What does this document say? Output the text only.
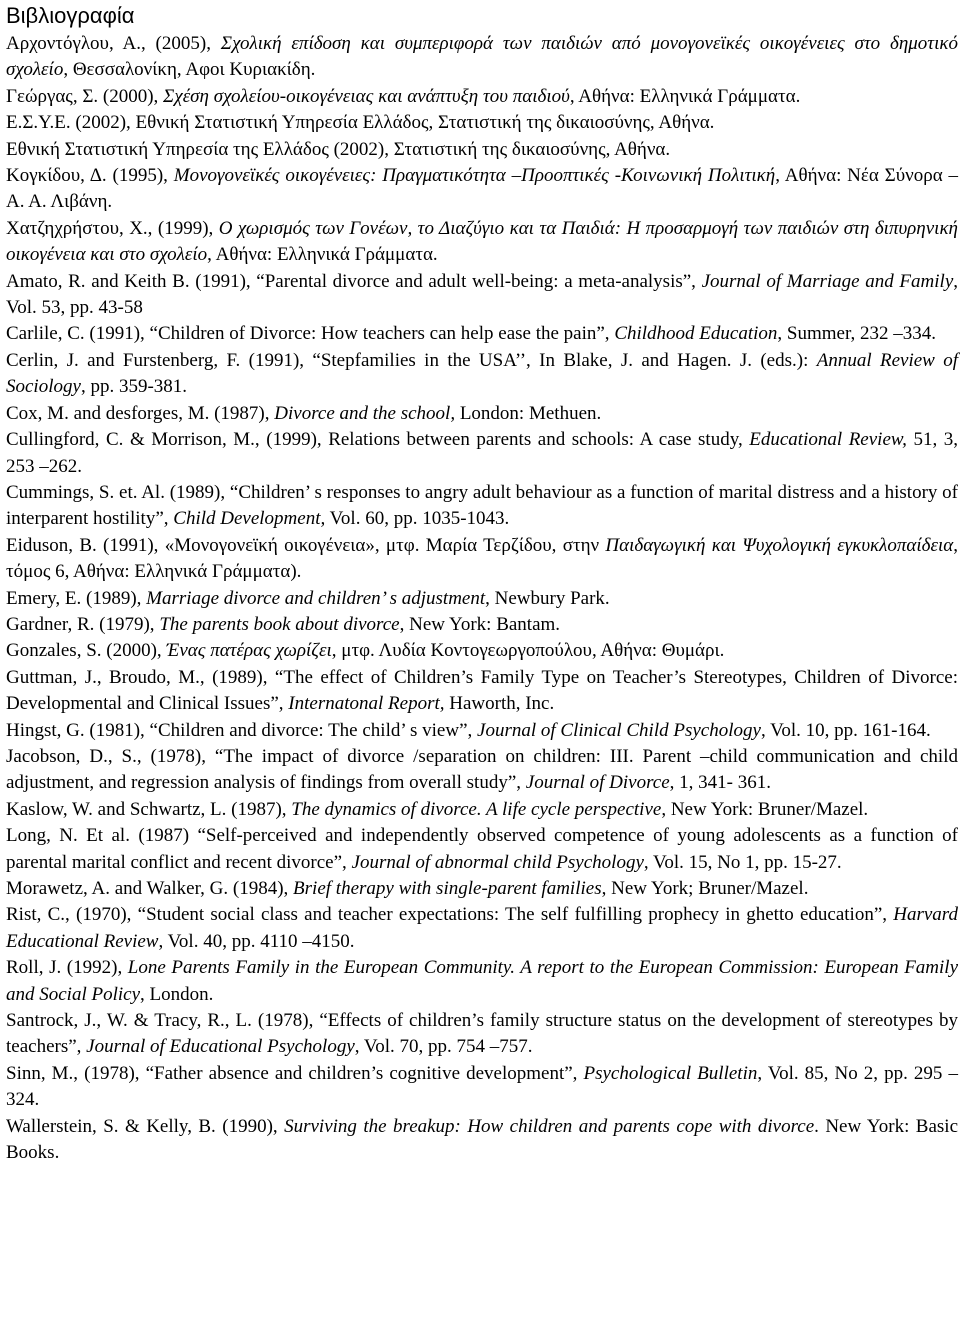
Βιβλιογραφία
Αρχοντόγλου, Α., (2005), Σχολική επίδοση και συμπεριφορά των παιδιών από μονογονεϊκές οικογένειες στο δημοτικό σχολείο, Θεσσαλονίκη, Αφοι Κυριακίδη.
Γεώργας, Σ. (2000), Σχέση σχολείου-οικογένειας και ανάπτυξη του παιδιού, Αθήνα: Ελληνικά Γράμματα.
Ε.Σ.Υ.Ε. (2002), Εθνική Στατιστική Υπηρεσία Ελλάδος, Στατιστική της δικαιοσύνης, Αθήνα.
Εθνική Στατιστική Υπηρεσία της Ελλάδος (2002), Στατιστική της δικαιοσύνης, Αθήνα.
Κογκίδου, Δ. (1995), Μονογονεϊκές οικογένειες: Πραγματικότητα –Προοπτικές -Κοινωνική Πολιτική, Αθήνα: Νέα Σύνορα –Α. Α. Λιβάνη.
Χατζηχρήστου, Χ., (1999), Ο χωρισμός των Γονέων, το Διαζύγιο και τα Παιδιά: Η προσαρμογή των παιδιών στη διπυρηνική οικογένεια και στο σχολείο, Αθήνα: Ελληνικά Γράμματα.
Amato, R. and Keith B. (1991), “Parental divorce and adult well-being: a meta-analysis”, Journal of Marriage and Family, Vol. 53, pp. 43-58
Carlile, C. (1991), “Children of Divorce: How teachers can help ease the pain”, Childhood Education, Summer, 232 –334.
Cerlin, J. and Furstenberg, F. (1991), “Stepfamilies in the USA’’, In Blake, J. and Hagen. J. (eds.): Annual Review of Sociology, pp. 359-381.
Cox, M. and desforges, M. (1987), Divorce and the school, London: Methuen.
Cullingford, C. & Morrison, M., (1999), Relations between parents and schools: A case study, Educational Review, 51, 3, 253 –262.
Cummings, S. et. Al. (1989), “Children’ s responses to angry adult behaviour as a function of marital distress and a history of interparent hostility”, Child Development, Vol. 60, pp. 1035-1043.
Eiduson, B. (1991), «Μονογονεϊκή οικογένεια», μτφ. Μαρία Τερζίδου, στην Παιδαγωγική και Ψυχολογική εγκυκλοπαίδεια, τόμος 6, Αθήνα: Ελληνικά Γράμματα).
Emery, E. (1989), Marriage divorce and children’ s adjustment, Newbury Park.
Gardner, R. (1979), The parents book about divorce, New York: Bantam.
Gonzales, S. (2000), Ένας πατέρας χωρίζει, μτφ. Λυδία Κοντογεωργοπούλου, Αθήνα: Θυμάρι.
Guttman, J., Broudo, M., (1989), “The effect of Children’s Family Type on Teacher’s Stereotypes, Children of Divorce: Developmental and Clinical Issues”, Internatonal Report, Haworth, Inc.
Hingst, G. (1981), “Children and divorce: The child’ s view”, Journal of Clinical Child Psychology, Vol. 10, pp. 161-164.
Jacobson, D., S., (1978), “The impact of divorce /separation on children: III. Parent –child communication and child adjustment, and regression analysis of findings from overall study”, Journal of Divorce, 1, 341- 361.
Kaslow, W. and Schwartz, L. (1987), The dynamics of divorce. A life cycle perspective, New York: Bruner/Mazel.
Long, N. Et al. (1987) “Self-perceived and independently observed competence of young adolescents as a function of parental marital conflict and recent divorce”, Journal of abnormal child Psychology, Vol. 15, No 1, pp. 15-27.
Morawetz, A. and Walker, G. (1984), Brief therapy with single-parent families, New York; Bruner/Mazel.
Rist, C., (1970), “Student social class and teacher expectations: The self fulfilling prophecy in ghetto education”, Harvard Educational Review, Vol. 40, pp. 4110 –4150.
Roll, J. (1992), Lone Parents Family in the European Community. A report to the European Commission: European Family and Social Policy, London.
Santrock, J., W. & Tracy, R., L. (1978), “Effects of children’s family structure status on the development of stereotypes by teachers”, Journal of Educational Psychology, Vol. 70, pp. 754 –757.
Sinn, M., (1978), “Father absence and children’s cognitive development”, Psychological Bulletin, Vol. 85, No 2, pp. 295 –324.
Wallerstein, S. & Kelly, B. (1990), Surviving the breakup: How children and parents cope with divorce. New York: Basic Books.
